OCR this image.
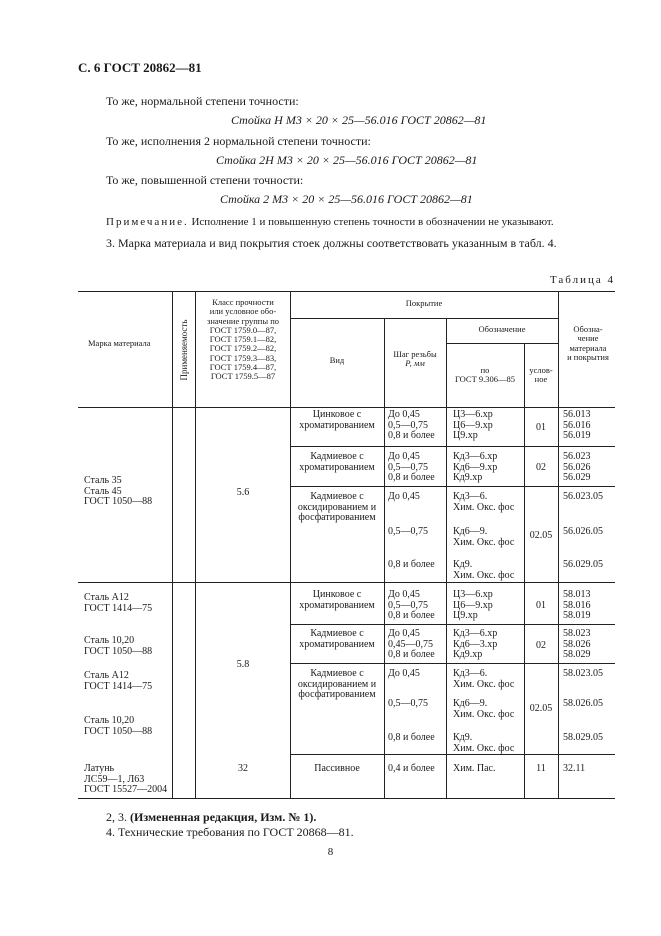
С. 6 ГОСТ 20862—81
То же, нормальной степени точности:
Стойка Н М3 × 20 × 25—56.016 ГОСТ 20862—81
То же, исполнения 2 нормальной степени точности:
Стойка 2Н М3 × 20 × 25—56.016 ГОСТ 20862—81
То же, повышенной степени точности:
Стойка 2 М3 × 20 × 25—56.016 ГОСТ 20862—81
Примечание. Исполнение 1 и повышенную степень точности в обозначении не указывают.
3. Марка материала и вид покрытия стоек должны соответствовать указанным в табл. 4.
Таблица 4
Марка материала	Применяемость
Класс прочности
или условное обо-
значение группы по
ГОСТ 1759.0—87,
ГОСТ 1759.1—82,
ГОСТ 1759.2—82,
ГОСТ 1759.3—83,
ГОСТ 1759.4—87,
ГОСТ 1759.5—87
Покрытие
Вид
Шаг резьбы
Р, мм
Обозначение
по
ГОСТ 9.306—85
услов-
ное
Обозна-
чение
материала
и покрытия
Сталь 35
Сталь 45
ГОСТ 1050—88
Сталь А12
ГОСТ 1414—75
Сталь 10,20
ГОСТ 1050—88
Сталь А12
ГОСТ 1414—75
Сталь 10,20
ГОСТ 1050—88
Латунь
ЛС59—1, Л63
ГОСТ 15527—2004
5.6
5.8
32
Цинковое с
хроматированием
Кадмиевое с
хроматированием
Кадмиевое с
оксидированием и
фосфатированием
Цинковое с
хроматированием
Кадмиевое с
хроматированием
Кадмиевое с
оксидированием и
фосфатированием
Пассивное
До 0,45
0,5—0,75
0,8 и более
До 0,45
0,5—0,75
0,8 и более
До 0,45
0,5—0,75
0,8 и более
До 0,45
0,5—0,75
0,8 и более
До 0,45
0,45—0,75
0,8 и более
До 0,45
0,5—0,75
0,8 и более
0,4 и более
Ц3—6.хр
Ц6—9.хр
Ц9.хр
Кд3—6.хр
Кд6—9.хр
Кд9.хр
Кд3—6.
Хим. Окс. фос
Кд6—9.
Хим. Окс. фос
Кд9.
Хим. Окс. фос
Ц3—6.хр
Ц6—9.хр
Ц9.хр
Кд3—6.хр
Кд6—3.хр
Кд9.хр
Кд3—6.
Хим. Окс. фос
Кд6—9.
Хим. Окс. фос
Кд9.
Хим. Окс. фос
Хим. Пас.
01
02
02.05
01
02
02.05
11
56.013
56.016
56.019
56.023
56.026
56.029
56.023.05
56.026.05
56.029.05
58.013
58.016
58.019
58.023
58.026
58.029
58.023.05
58.026.05
58.029.05
32.11
2, 3. (Измененная редакция, Изм. № 1).
4. Технические требования по ГОСТ 20868—81.
8
